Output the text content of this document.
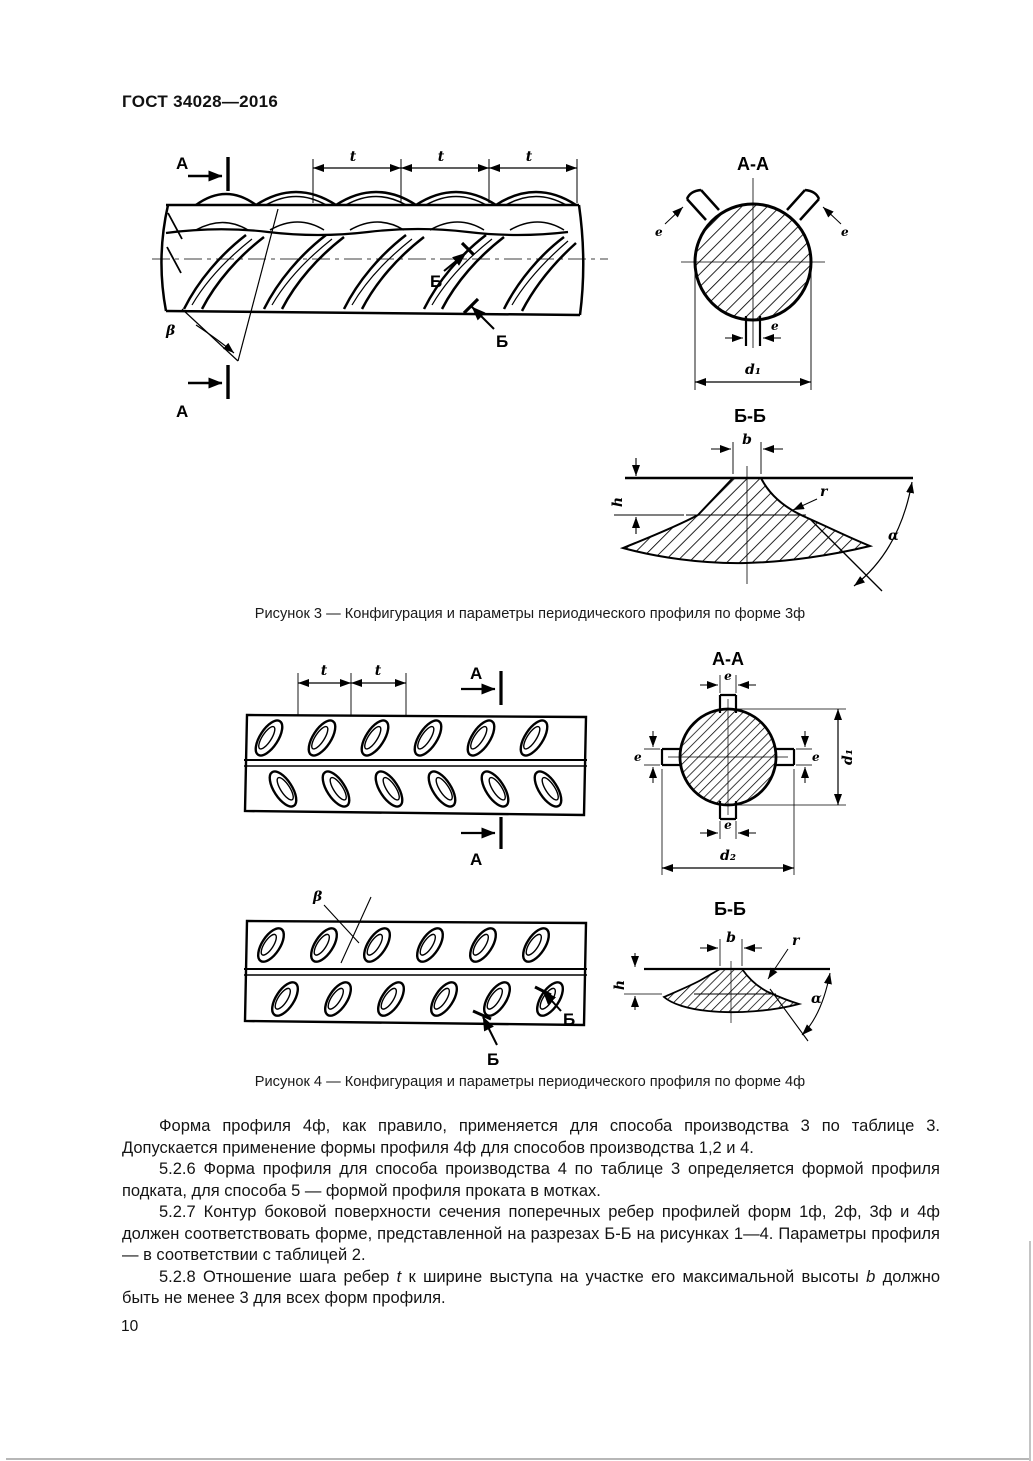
ГОСТ 34028—2016
А	t	t	t
Б
Б
β
А
А-А
e	e
e
d₁
Б-Б
b
h
r
α
Рисунок 3 — Конфигурация и параметры периодического профиля по форме 3ф
t	t	А
А
А-А
e
e	e
e
d₁
d₂
β
Б
Б
Б-Б
b
h
r
α
Рисунок 4 — Конфигурация и параметры периодического профиля по форме 4ф

Форма профиля 4ф, как правило, применяется для способа производства 3 по таблице 3. Допускается применение формы профиля 4ф для способов производства 1,2 и 4.

5.2.6 Форма профиля для способа производства 4 по таблице 3 определяется формой профиля подката, для способа 5 — формой профиля проката в мотках.

5.2.7 Контур боковой поверхности сечения поперечных ребер профилей форм 1ф, 2ф, 3ф и 4ф должен соответствовать форме, представленной на разрезах Б-Б на рисунках 1—4. Параметры профиля — в соответствии с таблицей 2.

5.2.8 Отношение шага ребер t к ширине выступа на участке его максимальной высоты b должно быть не менее 3 для всех форм профиля.

10
